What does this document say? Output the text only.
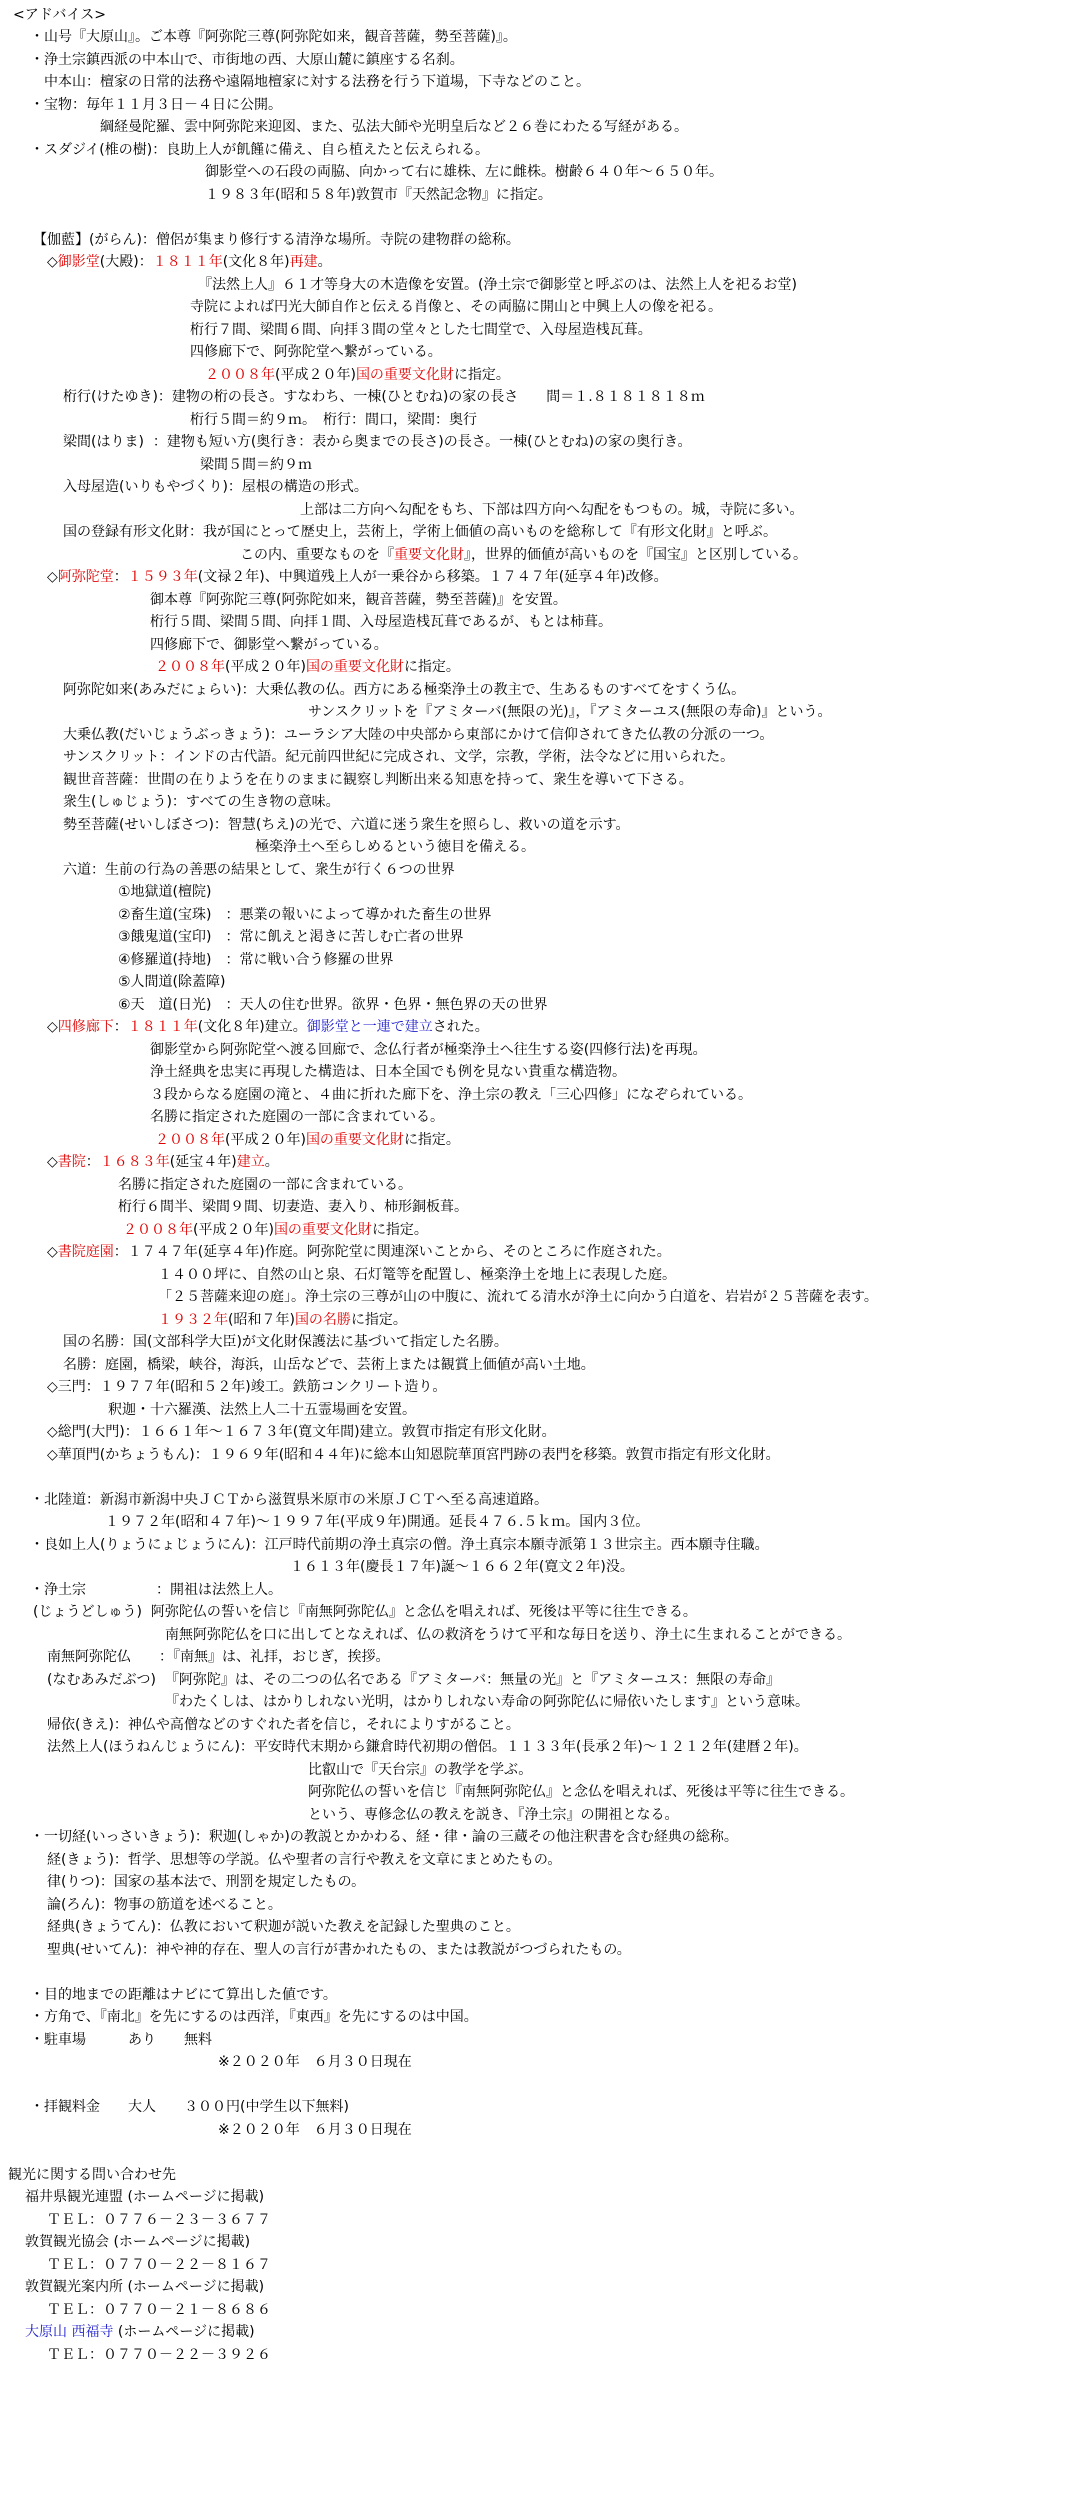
<アドバイス>
・山号『大原山』。ご本尊『阿弥陀三尊(阿弥陀如来，観音菩薩，勢至菩薩)』。
・浄土宗鎮西派の中本山で、市街地の西、大原山麓に鎮座する名刹。
中本山：檀家の日常的法務や遠隔地檀家に対する法務を行う下道場，下寺などのこと。
・宝物：毎年１１月３日－４日に公開。
綱経曼陀羅、雲中阿弥陀来迎図、また、弘法大師や光明皇后など２６巻にわたる写経がある。
・スダジイ(椎の樹)：良助上人が飢饉に備え、自ら植えたと伝えられる。
御影堂への石段の両脇、向かって右に雄株、左に雌株。樹齢６４０年～６５０年。
１９８３年(昭和５８年)敦賀市『天然記念物』に指定。
【伽藍】(がらん)：僧侶が集まり修行する清浄な場所。寺院の建物群の総称。
◇御影堂(大殿)：１８１１年(文化８年)再建。
『法然上人』６１才等身大の木造像を安置。(浄土宗で御影堂と呼ぶのは、法然上人を祀るお堂)
寺院によれば円光大師自作と伝える肖像と、その両脇に開山と中興上人の像を祀る。
桁行７間、梁間６間、向拝３間の堂々とした七間堂で、入母屋造桟瓦葺。
四修廊下で、阿弥陀堂へ繋がっている。
２００８年(平成２０年)国の重要文化財に指定。
桁行(けたゆき)：建物の桁の長さ。すなわち、一棟(ひとむね)の家の長さ　　間＝１.８１８１８１８ｍ
桁行５間＝約９ｍ。　桁行：間口，梁間：奥行
梁間(はりま)  ：建物も短い方(奥行き：表から奥までの長さ)の長さ。一棟(ひとむね)の家の奥行き。
梁間５間＝約９ｍ
入母屋造(いりもやづくり)：屋根の構造の形式。
上部は二方向へ勾配をもち、下部は四方向へ勾配をもつもの。城，寺院に多い。
国の登録有形文化財：我が国にとって歴史上，芸術上，学術上価値の高いものを総称して『有形文化財』と呼ぶ。
この内、重要なものを『重要文化財』，世界的価値が高いものを『国宝』と区別している。
◇阿弥陀堂：１５９３年(文禄２年)、中興道残上人が一乗谷から移築。１７４７年(延享４年)改修。
御本尊『阿弥陀三尊(阿弥陀如来，観音菩薩，勢至菩薩)』を安置。
桁行５間、梁間５間、向拝１間、入母屋造桟瓦葺であるが、もとは柿葺。
四修廊下で、御影堂へ繋がっている。
２００８年(平成２０年)国の重要文化財に指定。
阿弥陀如来(あみだにょらい)：大乗仏教の仏。西方にある極楽浄土の教主で、生あるものすべてをすくう仏。
サンスクリットを『アミターバ(無限の光)』，『アミターユス(無限の寿命)』という。
大乗仏教(だいじょうぶっきょう)：ユーラシア大陸の中央部から東部にかけて信仰されてきた仏教の分派の一つ。
サンスクリット：インドの古代語。紀元前四世紀に完成され、文学，宗教，学術，法令などに用いられた。
観世音菩薩：世間の在りようを在りのままに観察し判断出来る知恵を持って、衆生を導いて下さる。
衆生(しゅじょう)：すべての生き物の意味。
勢至菩薩(せいしぼさつ)：智慧(ちえ)の光で、六道に迷う衆生を照らし、救いの道を示す。
極楽浄土へ至らしめるという徳目を備える。
六道：生前の行為の善悪の結果として、衆生が行く６つの世界
①地獄道(檀院)
②畜生道(宝珠)　：悪業の報いによって導かれた畜生の世界
③餓鬼道(宝印)　：常に飢えと渇きに苦しむ亡者の世界
④修羅道(持地)　：常に戦い合う修羅の世界
⑤人間道(除蓋障)
⑥天　道(日光)　：天人の住む世界。欲界・色界・無色界の天の世界
◇四修廊下：１８１１年(文化８年)建立。御影堂と一連で建立された。
御影堂から阿弥陀堂へ渡る回廊で、念仏行者が極楽浄土へ往生する姿(四修行法)を再現。
浄土経典を忠実に再現した構造は、日本全国でも例を見ない貴重な構造物。
３段からなる庭園の滝と、４曲に折れた廊下を、浄土宗の教え「三心四修」になぞられている。
名勝に指定された庭園の一部に含まれている。
２００８年(平成２０年)国の重要文化財に指定。
◇書院：１６８３年(延宝４年)建立。
名勝に指定された庭園の一部に含まれている。
桁行６間半、梁間９間、切妻造、妻入り、柿形銅板葺。
２００８年(平成２０年)国の重要文化財に指定。
◇書院庭園：１７４７年(延享４年)作庭。阿弥陀堂に関連深いことから、そのところに作庭された。
１４００坪に、自然の山と泉、石灯篭等を配置し、極楽浄土を地上に表現した庭。
「２５菩薩来迎の庭」。浄土宗の三尊が山の中腹に、流れてる清水が浄土に向かう白道を、岩岩が２５菩薩を表す。
１９３２年(昭和７年)国の名勝に指定。
国の名勝：国(文部科学大臣)が文化財保護法に基づいて指定した名勝。
名勝：庭園，橋梁，峡谷，海浜，山岳などで、芸術上または観賞上価値が高い土地。
◇三門：１９７７年(昭和５２年)竣工。鉄筋コンクリート造り。
釈迦・十六羅漢、法然上人二十五霊場画を安置。
◇総門(大門)：１６６１年～１６７３年(寛文年間)建立。敦賀市指定有形文化財。
◇華頂門(かちょうもん)：１９６９年(昭和４４年)に総本山知恩院華頂宮門跡の表門を移築。敦賀市指定有形文化財。
・北陸道：新潟市新潟中央ＪＣＴから滋賀県米原市の米原ＪＣＴへ至る高速道路。
１９７２年(昭和４７年)～１９９７年(平成９年)開通。延長４７６.５ｋｍ。国内３位。
・良如上人(りょうにょじょうにん)：江戸時代前期の浄土真宗の僧。浄土真宗本願寺派第１３世宗主。西本願寺住職。
１６１３年(慶長１７年)誕～１６６２年(寛文２年)没。
・浄土宗　　　　　：開祖は法然上人。
(じょうどしゅう)  阿弥陀仏の誓いを信じ『南無阿弥陀仏』と念仏を唱えれば、死後は平等に往生できる。
南無阿弥陀仏を口に出してとなえれば、仏の救済をうけて平和な毎日を送り、浄土に生まれることができる。
南無阿弥陀仏　　：『南無』は、礼拝，おじぎ，挨拶。
(なむあみだぶつ)  『阿弥陀』は、その二つの仏名である『アミターバ：無量の光』と『アミターユス：無限の寿命』
『わたくしは、はかりしれない光明，はかりしれない寿命の阿弥陀仏に帰依いたします』という意味。
帰依(きえ)：神仏や高僧などのすぐれた者を信じ，それによりすがること。
法然上人(ほうねんじょうにん)：平安時代末期から鎌倉時代初期の僧侶。１１３３年(長承２年)～１２１２年(建暦２年)。
比叡山で『天台宗』の教学を学ぶ。
阿弥陀仏の誓いを信じ『南無阿弥陀仏』と念仏を唱えれば、死後は平等に往生できる。
という、専修念仏の教えを説き、『浄土宗』の開祖となる。
・一切経(いっさいきょう)：釈迦(しゃか)の教説とかかわる、経・律・論の三蔵その他注釈書を含む経典の総称。
経(きょう)：哲学、思想等の学説。仏や聖者の言行や教えを文章にまとめたもの。
律(りつ)：国家の基本法で、刑罰を規定したもの。
論(ろん)：物事の筋道を述べること。
経典(きょうてん)：仏教において釈迦が説いた教えを記録した聖典のこと。
聖典(せいてん)：神や神的存在、聖人の言行が書かれたもの、または教説がつづられたもの。
・目的地までの距離はナビにて算出した値です。
・方角で、『南北』を先にするのは西洋，『東西』を先にするのは中国。
・駐車場　　　あり　　無料
※２０２０年　６月３０日現在
・拝観料金　　大人　　３００円(中学生以下無料)
※２０２０年　６月３０日現在
観光に関する問い合わせ先
福井県観光連盟 (ホームページに掲載)
ＴＥＬ：０７７６－２３－３６７７
敦賀観光協会 (ホームページに掲載)
ＴＥＬ：０７７０－２２－８１６７
敦賀観光案内所 (ホームページに掲載)
ＴＥＬ：０７７０－２１－８６８６
大原山 西福寺 (ホームページに掲載)
ＴＥＬ：０７７０－２２－３９２６
